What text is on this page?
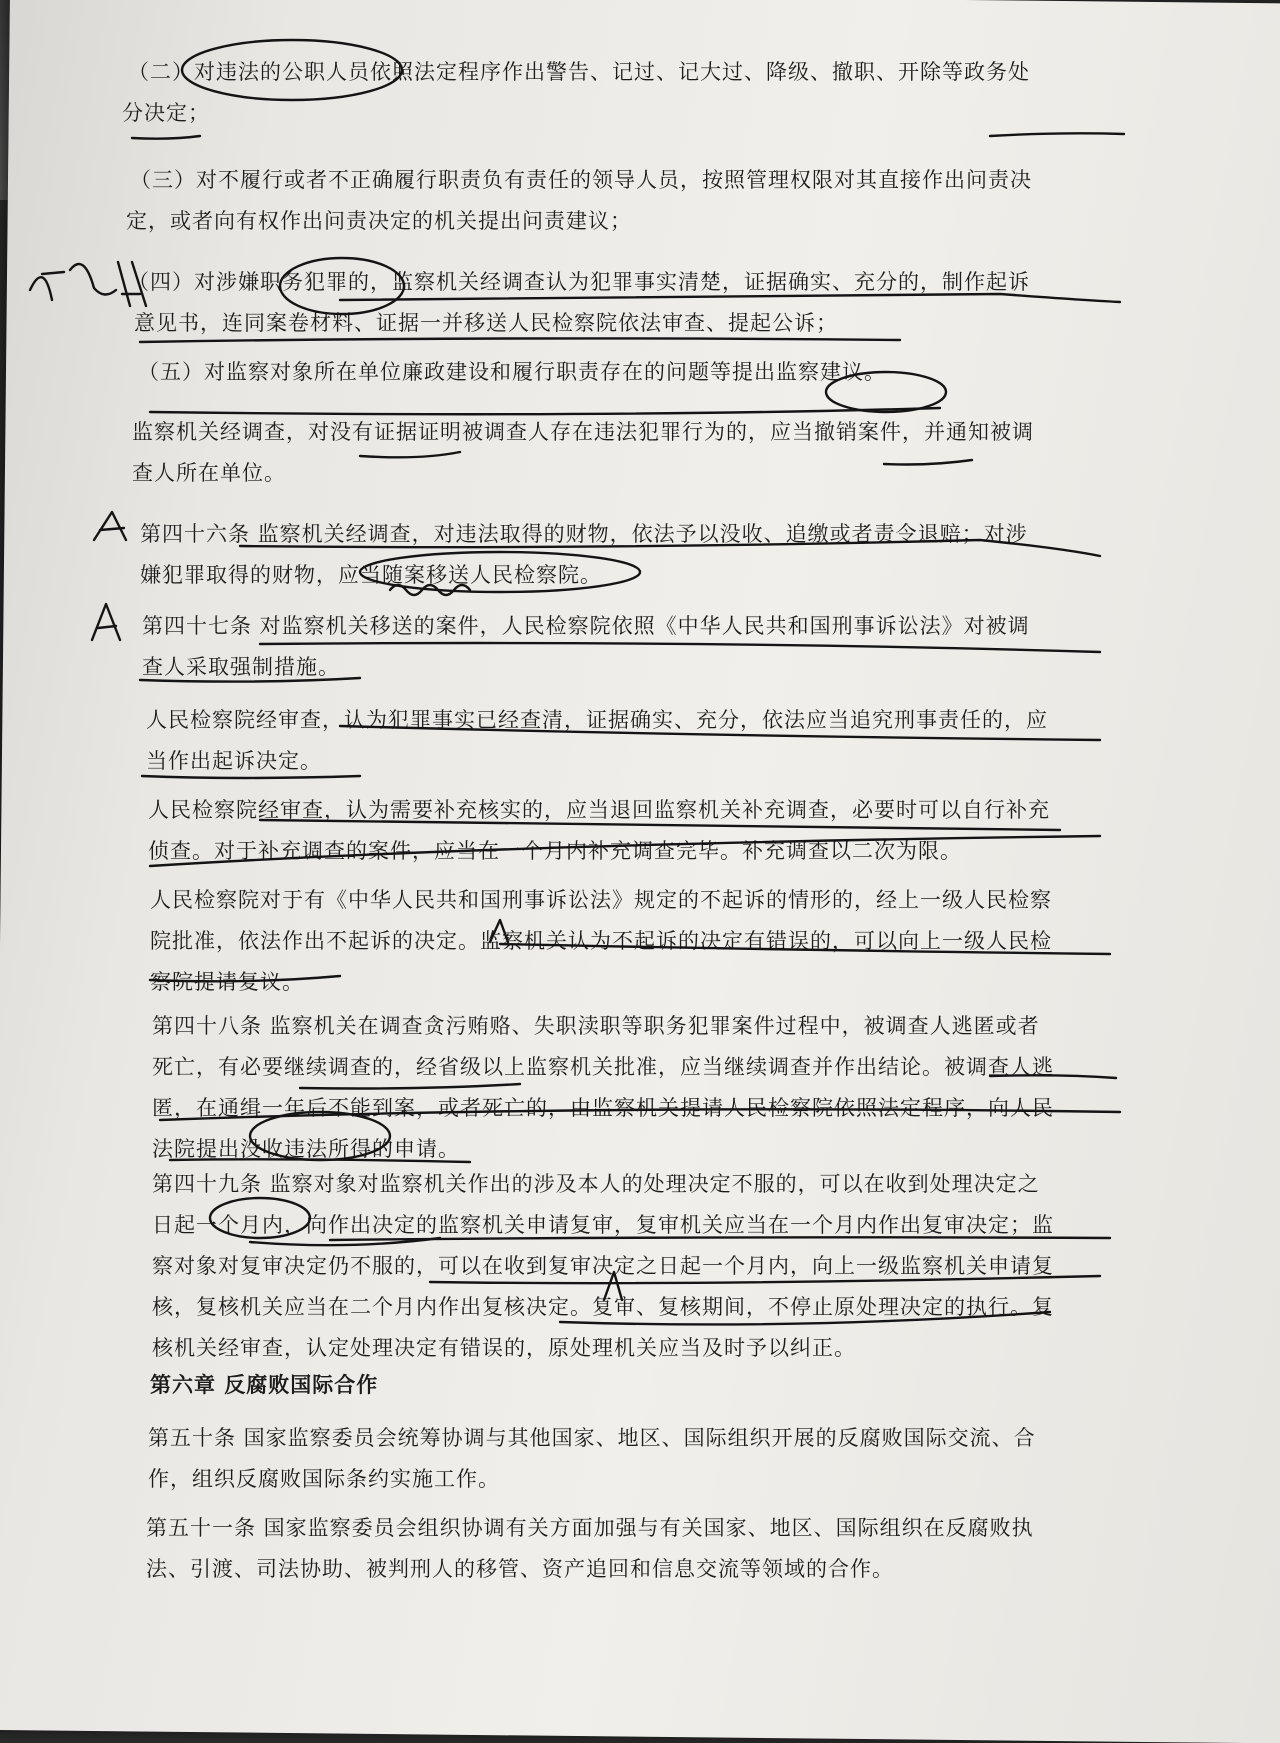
（二）对违法的公职人员依照法定程序作出警告、记过、记大过、降级、撤职、开除等政务处
分决定；
（三）对不履行或者不正确履行职责负有责任的领导人员，按照管理权限对其直接作出问责决
定，或者向有权作出问责决定的机关提出问责建议；
（四）对涉嫌职务犯罪的，监察机关经调查认为犯罪事实清楚，证据确实、充分的，制作起诉
意见书，连同案卷材料、证据一并移送人民检察院依法审查、提起公诉；
（五）对监察对象所在单位廉政建设和履行职责存在的问题等提出监察建议。
监察机关经调查，对没有证据证明被调查人存在违法犯罪行为的，应当撤销案件，并通知被调
查人所在单位。
第四十六条 监察机关经调查，对违法取得的财物，依法予以没收、追缴或者责令退赔；对涉
嫌犯罪取得的财物，应当随案移送人民检察院。
第四十七条 对监察机关移送的案件，人民检察院依照《中华人民共和国刑事诉讼法》对被调
查人采取强制措施。
人民检察院经审查，认为犯罪事实已经查清，证据确实、充分，依法应当追究刑事责任的，应
当作出起诉决定。
人民检察院经审查，认为需要补充核实的，应当退回监察机关补充调查，必要时可以自行补充
侦查。对于补充调查的案件，应当在一个月内补充调查完毕。补充调查以二次为限。
人民检察院对于有《中华人民共和国刑事诉讼法》规定的不起诉的情形的，经上一级人民检察
院批准，依法作出不起诉的决定。监察机关认为不起诉的决定有错误的，可以向上一级人民检
察院提请复议。
第四十八条 监察机关在调查贪污贿赂、失职渎职等职务犯罪案件过程中，被调查人逃匿或者
死亡，有必要继续调查的，经省级以上监察机关批准，应当继续调查并作出结论。被调查人逃
匿，在通缉一年后不能到案，或者死亡的，由监察机关提请人民检察院依照法定程序，向人民
法院提出没收违法所得的申请。
第四十九条 监察对象对监察机关作出的涉及本人的处理决定不服的，可以在收到处理决定之
日起一个月内，向作出决定的监察机关申请复审，复审机关应当在一个月内作出复审决定；监
察对象对复审决定仍不服的，可以在收到复审决定之日起一个月内，向上一级监察机关申请复
核，复核机关应当在二个月内作出复核决定。复审、复核期间，不停止原处理决定的执行。复
核机关经审查，认定处理决定有错误的，原处理机关应当及时予以纠正。
第六章 反腐败国际合作
第五十条 国家监察委员会统筹协调与其他国家、地区、国际组织开展的反腐败国际交流、合
作，组织反腐败国际条约实施工作。
第五十一条 国家监察委员会组织协调有关方面加强与有关国家、地区、国际组织在反腐败执
法、引渡、司法协助、被判刑人的移管、资产追回和信息交流等领域的合作。
